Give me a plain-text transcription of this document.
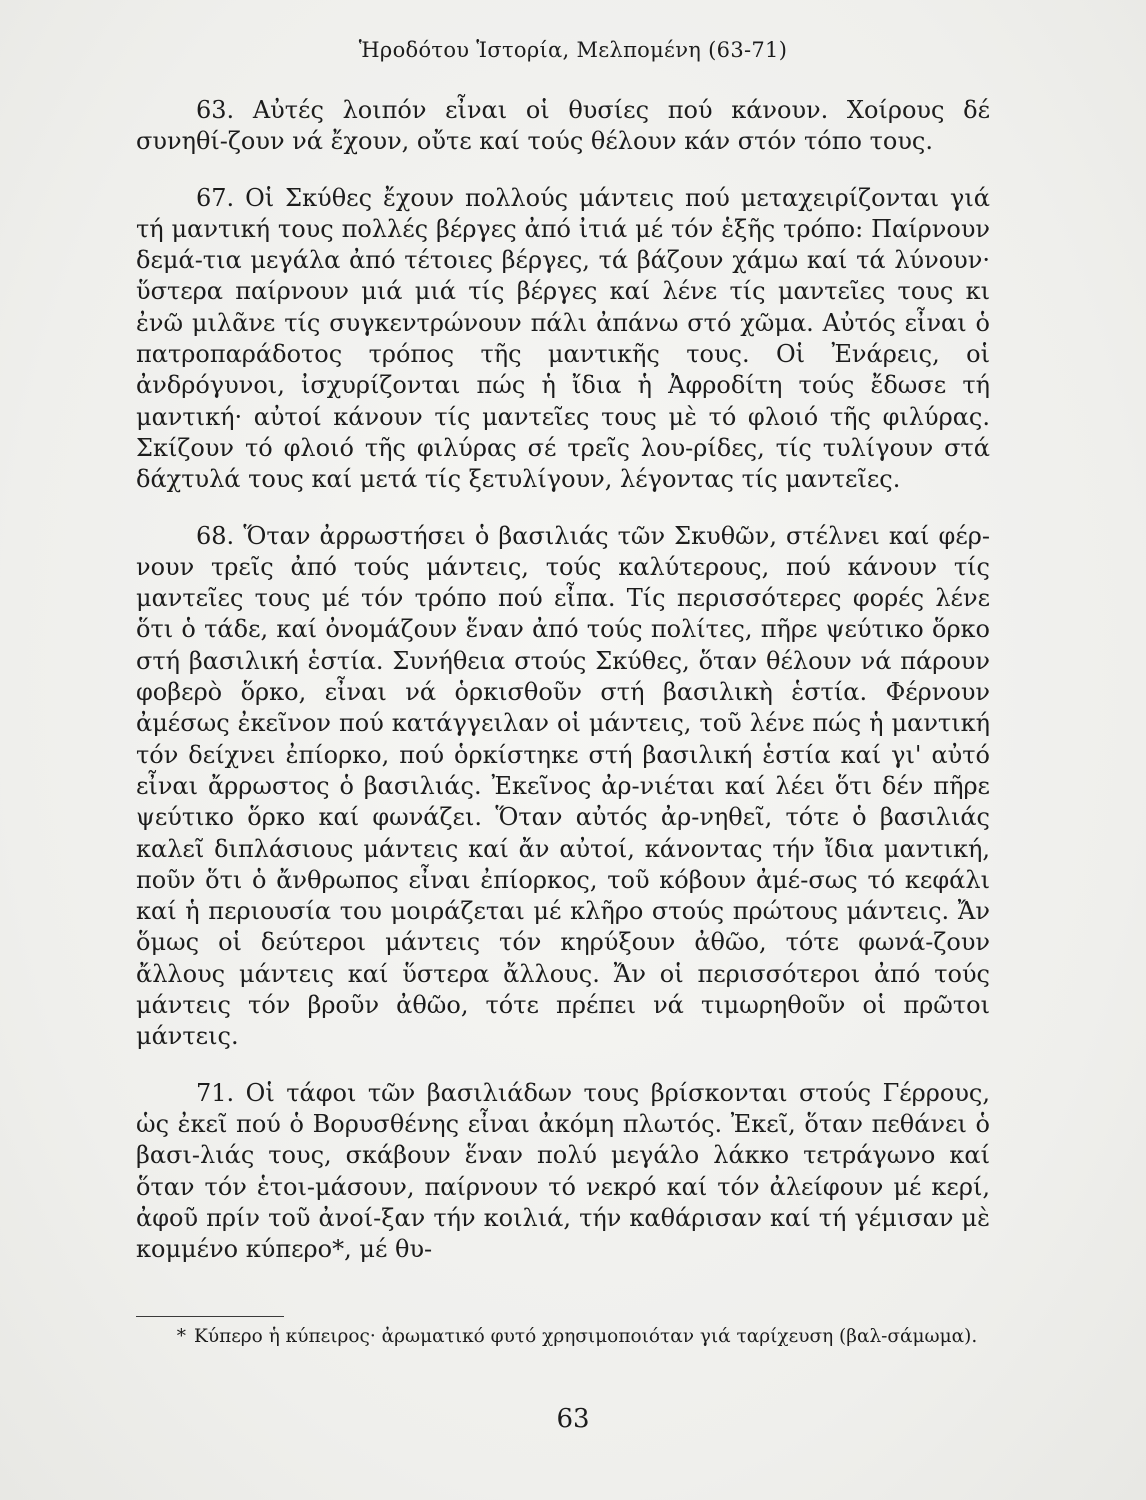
Ἡροδότου Ἱστορία, Μελπομένη (63-71)

63. Αὐτές λοιπόν εἶναι οἱ θυσίες πού κάνουν. Χοίρους δέ συνηθί-ζουν νά ἔχουν, οὔτε καί τούς θέλουν κάν στόν τόπο τους.

67. Οἱ Σκύθες ἔχουν πολλούς μάντεις πού μεταχειρίζονται γιά τή μαντική τους πολλές βέργες ἀπό ἰτιά μέ τόν ἑξῆς τρόπο: Παίρνουν δεμά-τια μεγάλα ἀπό τέτοιες βέργες, τά βάζουν χάμω καί τά λύνουν· ὕστερα παίρνουν μιά μιά τίς βέργες καί λένε τίς μαντεῖες τους κι ἐνῶ μιλᾶνε τίς συγκεντρώνουν πάλι ἀπάνω στό χῶμα. Αὐτός εἶναι ὁ πατροπαράδοτος τρόπος τῆς μαντικῆς τους. Οἱ Ἐνάρεις, οἱ ἀνδρόγυνοι, ἰσχυρίζονται πώς ἡ ἴδια ἡ Ἀφροδίτη τούς ἔδωσε τή μαντική· αὐτοί κάνουν τίς μαντεῖες τους μὲ τό φλοιό τῆς φιλύρας. Σκίζουν τό φλοιό τῆς φιλύρας σέ τρεῖς λου-ρίδες, τίς τυλίγουν στά δάχτυλά τους καί μετά τίς ξετυλίγουν, λέγοντας τίς μαντεῖες.

68. Ὅταν ἀρρωστήσει ὁ βασιλιάς τῶν Σκυθῶν, στέλνει καί φέρ-νουν τρεῖς ἀπό τούς μάντεις, τούς καλύτερους, πού κάνουν τίς μαντεῖες τους μέ τόν τρόπο πού εἶπα. Τίς περισσότερες φορές λένε ὅτι ὁ τάδε, καί ὀνομάζουν ἕναν ἀπό τούς πολίτες, πῆρε ψεύτικο ὅρκο στή βασιλική ἑστία. Συνήθεια στούς Σκύθες, ὅταν θέλουν νά πάρουν φοβερὸ ὅρκο, εἶναι νά ὁρκισθοῦν στή βασιλικὴ ἑστία. Φέρνουν ἀμέσως ἐκεῖνον πού κατάγγειλαν οἱ μάντεις, τοῦ λένε πώς ἡ μαντική τόν δείχνει ἐπίορκο, πού ὁρκίστηκε στή βασιλική ἑστία καί γι' αὐτό εἶναι ἄρρωστος ὁ βασιλιάς. Ἐκεῖνος ἀρ-νιέται καί λέει ὅτι δέν πῆρε ψεύτικο ὅρκο καί φωνάζει. Ὅταν αὐτός ἀρ-νηθεῖ, τότε ὁ βασιλιάς καλεῖ διπλάσιους μάντεις καί ἄν αὐτοί, κάνοντας τήν ἴδια μαντική, ποῦν ὅτι ὁ ἄνθρωπος εἶναι ἐπίορκος, τοῦ κόβουν ἀμέ-σως τό κεφάλι καί ἡ περιουσία του μοιράζεται μέ κλῆρο στούς πρώτους μάντεις. Ἄν ὅμως οἱ δεύτεροι μάντεις τόν κηρύξουν ἀθῶο, τότε φωνά-ζουν ἄλλους μάντεις καί ὕστερα ἄλλους. Ἄν οἱ περισσότεροι ἀπό τούς μάντεις τόν βροῦν ἀθῶο, τότε πρέπει νά τιμωρηθοῦν οἱ πρῶτοι μάντεις.

71. Οἱ τάφοι τῶν βασιλιάδων τους βρίσκονται στούς Γέρρους, ὡς ἐκεῖ πού ὁ Βορυσθένης εἶναι ἀκόμη πλωτός. Ἐκεῖ, ὅταν πεθάνει ὁ βασι-λιάς τους, σκάβουν ἕναν πολύ μεγάλο λάκκο τετράγωνο καί ὅταν τόν ἑτοι-μάσουν, παίρνουν τό νεκρό καί τόν ἀλείφουν μέ κερί, ἀφοῦ πρίν τοῦ ἀνοί-ξαν τήν κοιλιά, τήν καθάρισαν καί τή γέμισαν μὲ κομμένο κύπερο*, μέ θυ-

* Κύπερο ἡ κύπειρος· ἀρωματικό φυτό χρησιμοποιόταν γιά ταρίχευση (βαλ-σάμωμα).
63
